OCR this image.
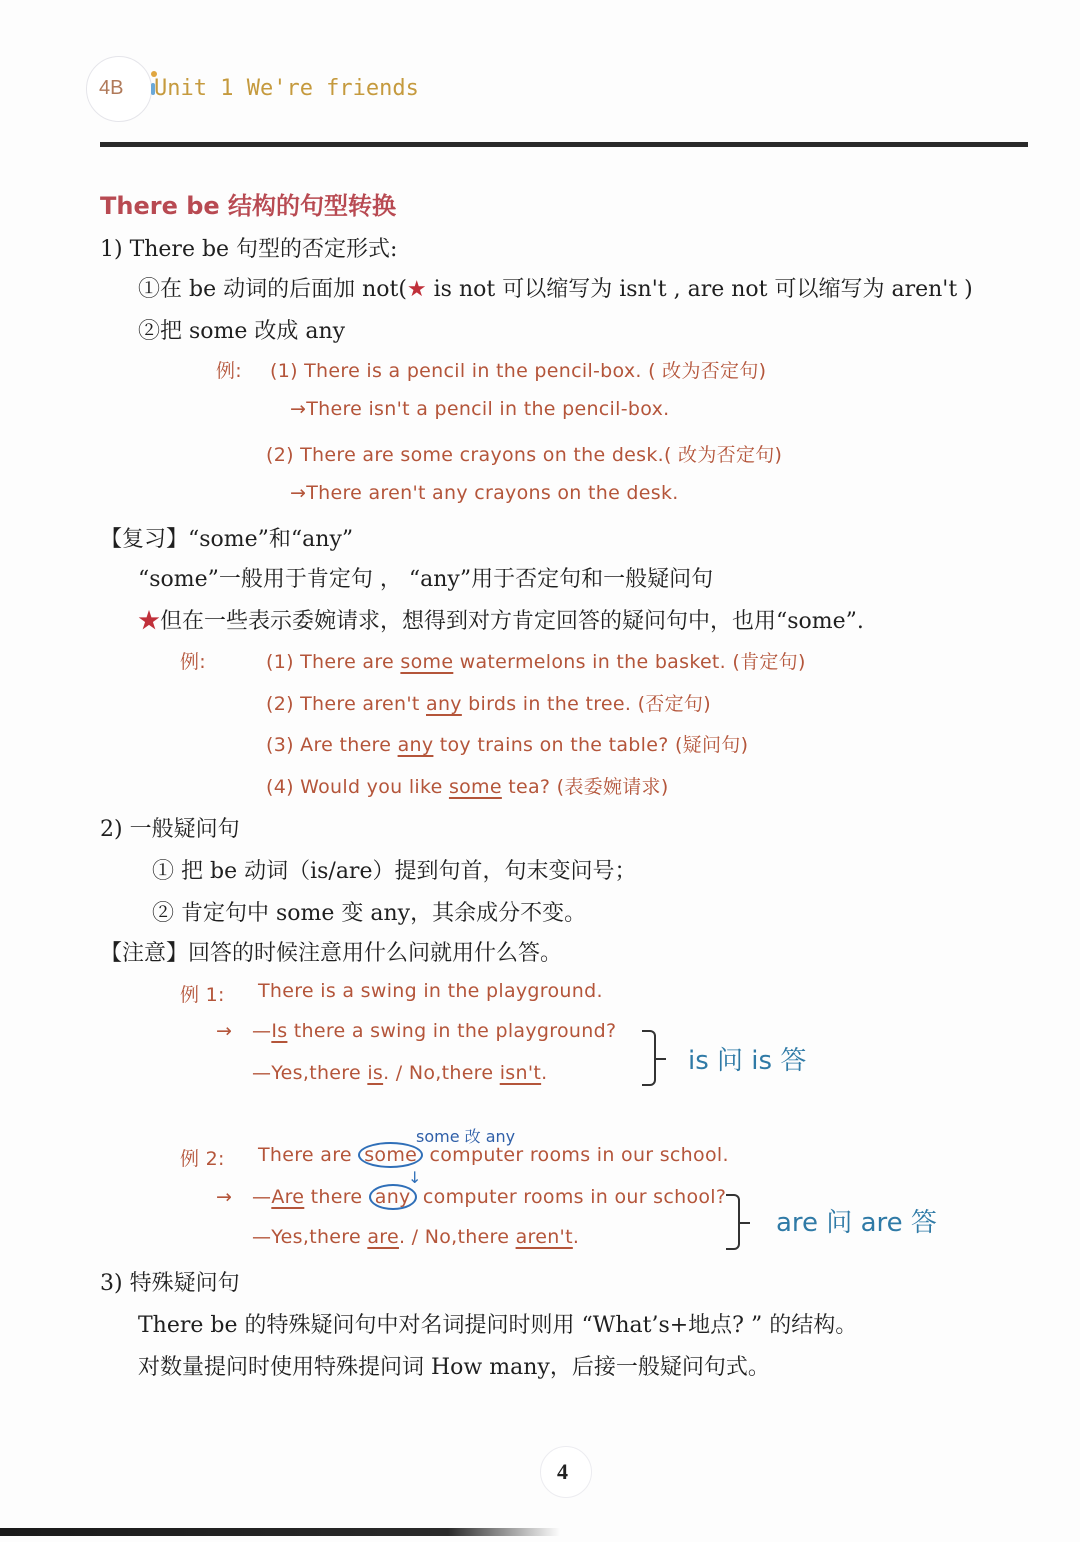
4B Unit 1 We're friends
There be 结构的句型转换
1) There be 句型的否定形式:
①在 be 动词的后面加 not(★ is not 可以缩写为 isn't , are not 可以缩写为 aren't )
②把 some 改成 any
例: (1) There is a pencil in the pencil-box. ( 改为否定句)
→There isn't a pencil in the pencil-box.
(2) There are some crayons on the desk.( 改为否定句)
→There aren't any crayons on the desk.
【复习】“some”和“any”
“some”一般用于肯定句 ， “any”用于否定句和一般疑问句
★但在一些表示委婉请求，想得到对方肯定回答的疑问句中，也用“some”.
例:	(1) There are some watermelons in the basket. (肯定句)
(2) There aren't any birds in the tree. (否定句)
(3) Are there any toy trains on the table? (疑问句)
(4) Would you like some tea? (表委婉请求)
2) 一般疑问句
① 把 be 动词（is/are）提到句首，句末变问号；
② 肯定句中 some 变 any，其余成分不变。
【注意】回答的时候注意用什么问就用什么答。
例 1: There is a swing in the playground.
→ —Is there a swing in the playground?
—Yes,there is. / No,there isn't.	is 问 is 答
some 改 any
例 2: There are some computer rooms in our school.
↓
→ —Are there any computer rooms in our school?
—Yes,there are. / No,there aren't.	are 问 are 答
3) 特殊疑问句
There be 的特殊疑问句中对名词提问时则用 “What’s+地点? ” 的结构。
对数量提问时使用特殊提问词 How many，后接一般疑问句式。
4
